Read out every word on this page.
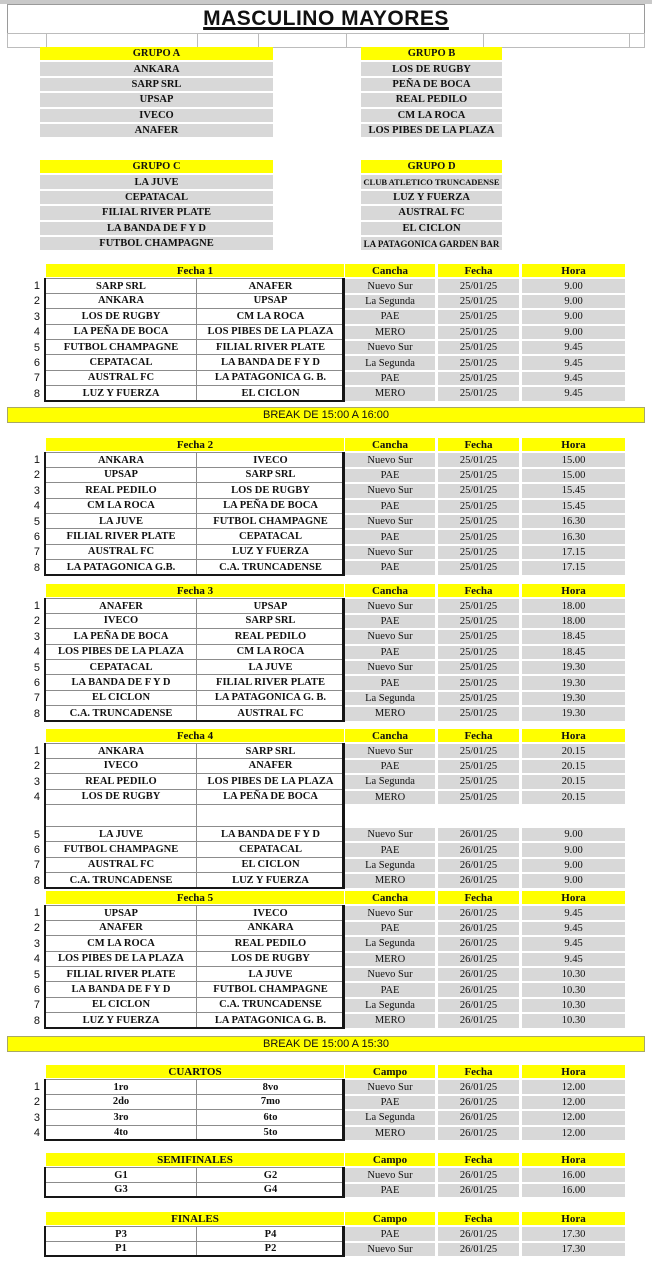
MASCULINO MAYORES
GRUPO A
ANKARA
SARP SRL
UPSAP
IVECO
ANAFER
GRUPO B
LOS DE RUGBY
PEÑA DE BOCA
REAL PEDILO
CM LA ROCA
LOS PIBES DE LA PLAZA
GRUPO C
LA JUVE
CEPATACAL
FILIAL RIVER PLATE
LA BANDA DE F Y D
FUTBOL CHAMPAGNE
GRUPO D
CLUB ATLETICO TRUNCADENSE
LUZ Y FUERZA
AUSTRAL FC
EL CICLON
LA PATAGONICA GARDEN BAR
Fecha 1	Cancha	Fecha	Hora
1	SARP SRL	ANAFER	Nuevo Sur	25/01/25	9.00
2	ANKARA	UPSAP	La Segunda	25/01/25	9.00
3	LOS DE RUGBY	CM LA ROCA	PAE	25/01/25	9.00
4	LA PEÑA DE BOCA	LOS PIBES DE LA PLAZA	MERO	25/01/25	9.00
5	FUTBOL CHAMPAGNE	FILIAL RIVER PLATE	Nuevo Sur	25/01/25	9.45
6	CEPATACAL	LA BANDA DE F Y D	La Segunda	25/01/25	9.45
7	AUSTRAL FC	LA PATAGONICA G. B.	PAE	25/01/25	9.45
8	LUZ Y FUERZA	EL CICLON	MERO	25/01/25	9.45
BREAK DE 15:00 A 16:00
Fecha 2	Cancha	Fecha	Hora
1	ANKARA	IVECO	Nuevo Sur	25/01/25	15.00
2	UPSAP	SARP SRL	PAE	25/01/25	15.00
3	REAL PEDILO	LOS DE RUGBY	Nuevo Sur	25/01/25	15.45
4	CM LA ROCA	LA PEÑA DE BOCA	PAE	25/01/25	15.45
5	LA JUVE	FUTBOL CHAMPAGNE	Nuevo Sur	25/01/25	16.30
6	FILIAL RIVER PLATE	CEPATACAL	PAE	25/01/25	16.30
7	AUSTRAL FC	LUZ Y FUERZA	Nuevo Sur	25/01/25	17.15
8	LA PATAGONICA G.B.	C.A. TRUNCADENSE	PAE	25/01/25	17.15
Fecha 3	Cancha	Fecha	Hora
1	ANAFER	UPSAP	Nuevo Sur	25/01/25	18.00
2	IVECO	SARP SRL	PAE	25/01/25	18.00
3	LA PEÑA DE BOCA	REAL PEDILO	Nuevo Sur	25/01/25	18.45
4	LOS PIBES DE LA PLAZA	CM LA ROCA	PAE	25/01/25	18.45
5	CEPATACAL	LA JUVE	Nuevo Sur	25/01/25	19.30
6	LA BANDA DE F Y D	FILIAL RIVER PLATE	PAE	25/01/25	19.30
7	EL CICLON	LA PATAGONICA G. B.	La Segunda	25/01/25	19.30
8	C.A. TRUNCADENSE	AUSTRAL FC	MERO	25/01/25	19.30
Fecha 4	Cancha	Fecha	Hora
1	ANKARA	SARP SRL	Nuevo Sur	25/01/25	20.15
2	IVECO	ANAFER	PAE	25/01/25	20.15
3	REAL PEDILO	LOS PIBES DE LA PLAZA	La Segunda	25/01/25	20.15
4	LOS DE RUGBY	LA PEÑA DE BOCA	MERO	25/01/25	20.15
5	LA JUVE	LA BANDA DE F Y D	Nuevo Sur	26/01/25	9.00
6	FUTBOL CHAMPAGNE	CEPATACAL	PAE	26/01/25	9.00
7	AUSTRAL FC	EL CICLON	La Segunda	26/01/25	9.00
8	C.A. TRUNCADENSE	LUZ Y FUERZA	MERO	26/01/25	9.00
Fecha 5	Cancha	Fecha	Hora
1	UPSAP	IVECO	Nuevo Sur	26/01/25	9.45
2	ANAFER	ANKARA	PAE	26/01/25	9.45
3	CM LA ROCA	REAL PEDILO	La Segunda	26/01/25	9.45
4	LOS PIBES DE LA PLAZA	LOS DE RUGBY	MERO	26/01/25	9.45
5	FILIAL RIVER PLATE	LA JUVE	Nuevo Sur	26/01/25	10.30
6	LA BANDA DE F Y D	FUTBOL CHAMPAGNE	PAE	26/01/25	10.30
7	EL CICLON	C.A. TRUNCADENSE	La Segunda	26/01/25	10.30
8	LUZ Y FUERZA	LA PATAGONICA G. B.	MERO	26/01/25	10.30
BREAK DE 15:00 A 15:30
CUARTOS	Campo	Fecha	Hora
1	1ro	8vo	Nuevo Sur	26/01/25	12.00
2	2do	7mo	PAE	26/01/25	12.00
3	3ro	6to	La Segunda	26/01/25	12.00
4	4to	5to	MERO	26/01/25	12.00
SEMIFINALES	Campo	Fecha	Hora
G1	G2	Nuevo Sur	26/01/25	16.00
G3	G4	PAE	26/01/25	16.00
FINALES	Campo	Fecha	Hora
P3	P4	PAE	26/01/25	17.30
P1	P2	Nuevo Sur	26/01/25	17.30
